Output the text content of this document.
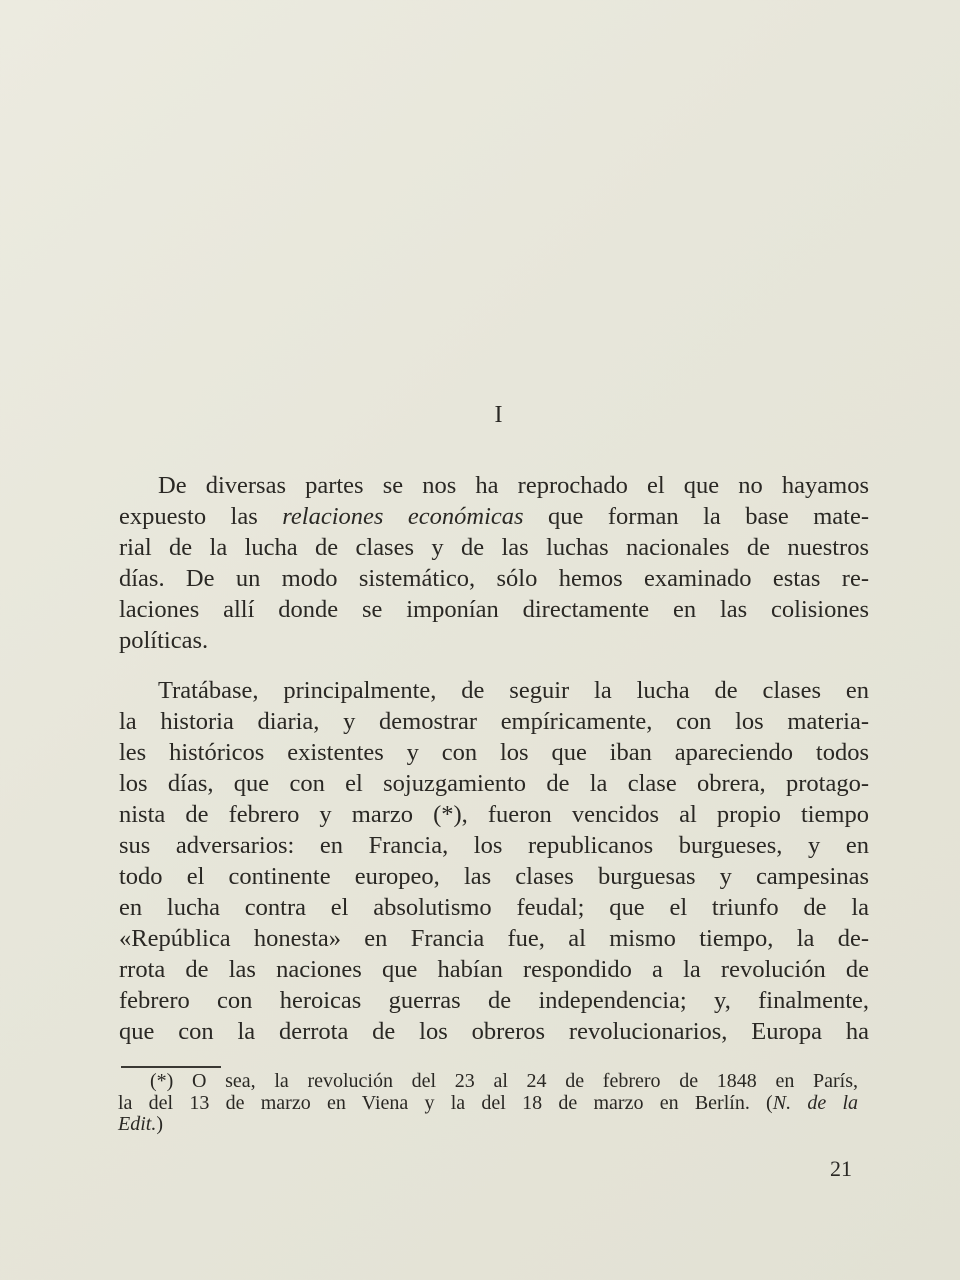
I
De diversas partes se nos ha reprochado el que no hayamos
expuesto las relaciones económicas que forman la base mate-
rial de la lucha de clases y de las luchas nacionales de nuestros
días. De un modo sistemático, sólo hemos examinado estas re-
laciones allí donde se imponían directamente en las colisiones
políticas.
Tratábase, principalmente, de seguir la lucha de clases en
la historia diaria, y demostrar empíricamente, con los materia-
les históricos existentes y con los que iban apareciendo todos
los días, que con el sojuzgamiento de la clase obrera, protago-
nista de febrero y marzo (*), fueron vencidos al propio tiempo
sus adversarios: en Francia, los republicanos burgueses, y en
todo el continente europeo, las clases burguesas y campesinas
en lucha contra el absolutismo feudal; que el triunfo de la
«República honesta» en Francia fue, al mismo tiempo, la de-
rrota de las naciones que habían respondido a la revolución de
febrero con heroicas guerras de independencia; y, finalmente,
que con la derrota de los obreros revolucionarios, Europa ha
(*) O sea, la revolución del 23 al 24 de febrero de 1848 en París,
la del 13 de marzo en Viena y la del 18 de marzo en Berlín. (N. de la
Edit.)
21
